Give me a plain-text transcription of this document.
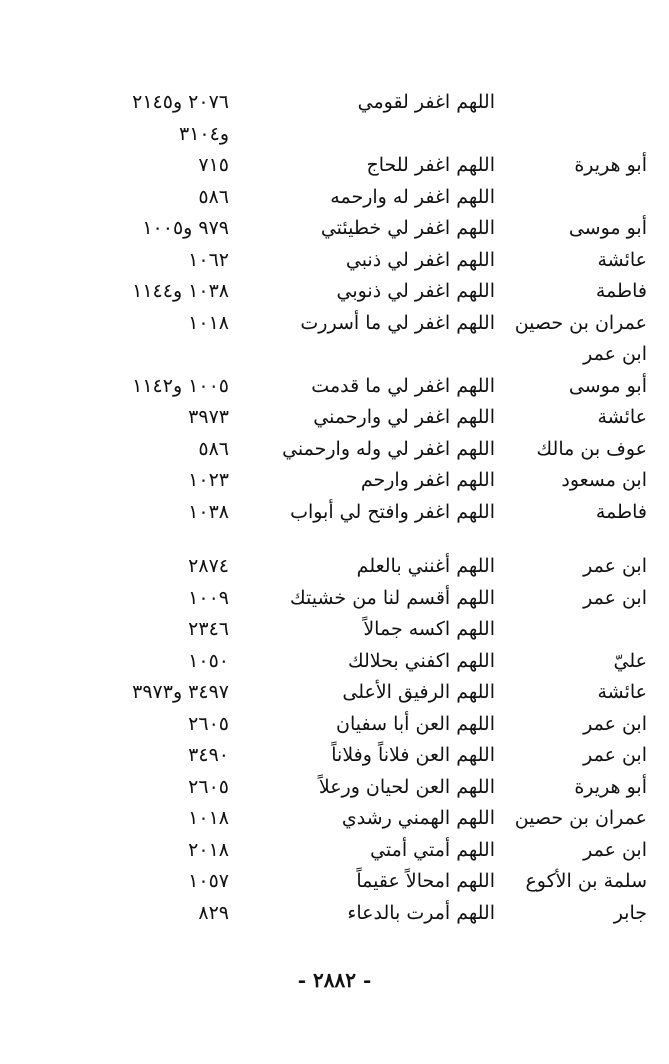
اللهم اغفر لقومي
٢٠٧٦ و٢١٤٥
و٣١٠٤
أبو هريرة
اللهم اغفر للحاج
٧١٥
اللهم اغفر له وارحمه
٥٨٦
أبو موسى
اللهم اغفر لي خطيئتي
٩٧٩ و١٠٠٥
عائشة
اللهم اغفر لي ذنبي
١٠٦٢
فاطمة
اللهم اغفر لي ذنوبي
١٠٣٨ و١١٤٤
عمران بن حصين
اللهم اغفر لي ما أسررت
١٠١٨
ابن عمر
أبو موسى
اللهم اغفر لي ما قدمت
١٠٠٥ و١١٤٢
عائشة
اللهم اغفر لي وارحمني
٣٩٧٣
عوف بن مالك
اللهم اغفر لي وله وارحمني
٥٨٦
ابن مسعود
اللهم اغفر وارحم
١٠٢٣
فاطمة
اللهم اغفر وافتح لي أبواب
١٠٣٨
ابن عمر
اللهم أغنني بالعلم
٢٨٧٤
ابن عمر
اللهم أقسم لنا من خشيتك
١٠٠٩
اللهم اكسه جمالاً
٢٣٤٦
عليّ
اللهم اكفني بحلالك
١٠٥٠
عائشة
اللهم الرفيق الأعلى
٣٤٩٧ و٣٩٧٣
ابن عمر
اللهم العن أبا سفيان
٢٦٠٥
ابن عمر
اللهم العن فلاناً وفلاناً
٣٤٩٠
أبو هريرة
اللهم العن لحيان ورعلاً
٢٦٠٥
عمران بن حصين
اللهم الهمني رشدي
١٠١٨
ابن عمر
اللهم أمتي أمتي
٢٠١٨
سلمة بن الأكوع
اللهم امحالاً عقيماً
١٠٥٧
جابر
اللهم أمرت بالدعاء
٨٢٩
- ٢٨٨٢ -
